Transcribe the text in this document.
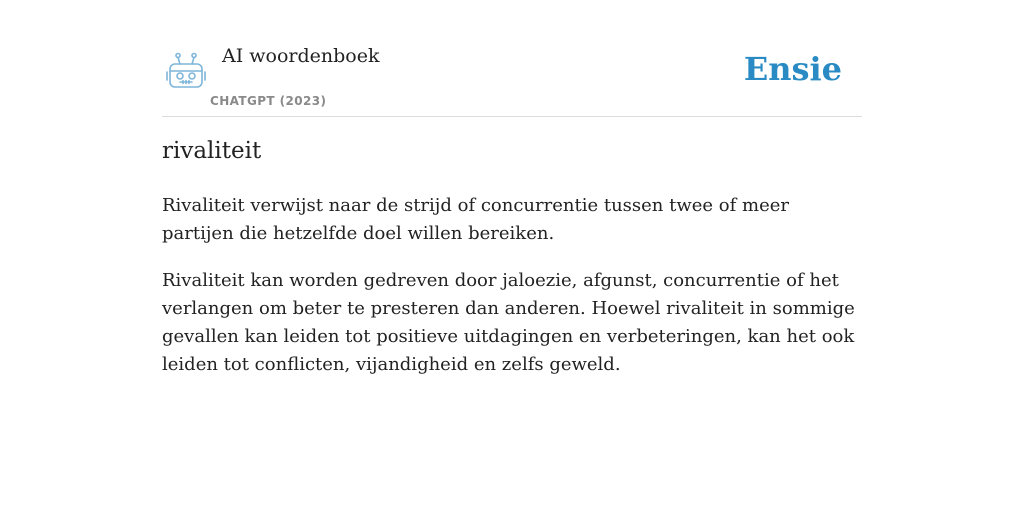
AI woordenboek
CHATGPT (2023)
Ensie
rivaliteit

Rivaliteit verwijst naar de strijd of concurrentie tussen twee of meer partijen die hetzelfde doel willen bereiken.

Rivaliteit kan worden gedreven door jaloezie, afgunst, concurrentie of het verlangen om beter te presteren dan anderen. Hoewel rivaliteit in sommige gevallen kan leiden tot positieve uitdagingen en verbeteringen, kan het ook leiden tot conflicten, vijandigheid en zelfs geweld.
